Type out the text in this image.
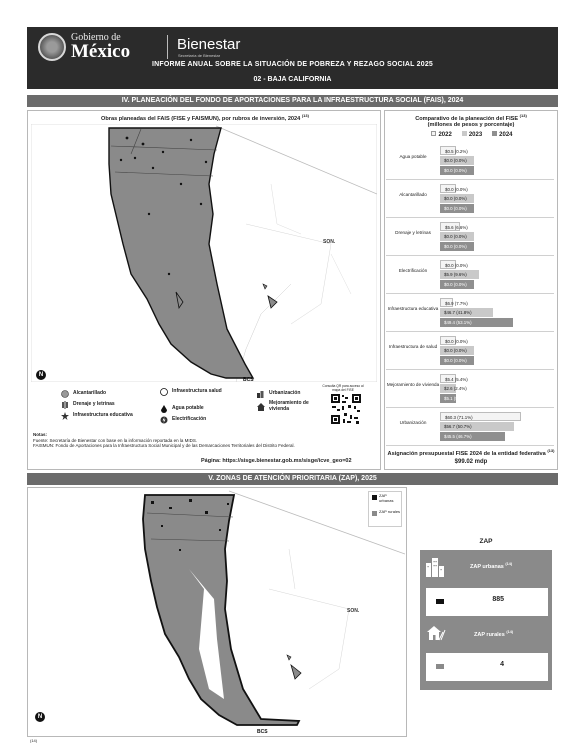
Gobierno de
México	Bienestar
Secretaría de Bienestar
INFORME ANUAL SOBRE LA SITUACIÓN DE POBREZA Y REZAGO SOCIAL 2025
02 - BAJA CALIFORNIA
IV. PLANEACIÓN DEL FONDO DE APORTACIONES PARA LA INFRAESTRUCTURA SOCIAL (FAIS), 2024
Obras planeadas del FAIS (FISE y FAISMUN), por rubros de inversión, 2024 $^{(13)}$
SON.
BCS
N
Alcantarillado
Drenaje y letrinas
Infraestructura educativa
Infraestructura salud
Agua potable
Electrificación
Urbanización
Mejoramiento de vivienda
Consulta QR para acceso al mapa del FISE
Notas:
Fuente: Secretaría de Bienestar con base en la información reportada en la MIDS.
FAISMUN: Fondo de Aportaciones para la Infraestructura Social Municipal y de las Demarcaciones Territoriales del Distrito Federal.
Página: https://sisge.bienestar.gob.mx/sisge/icve_geo=02
Comparativo de la planeación del FISE $^{(13)}$
(millones de pesos y porcentaje)
2022	2023	2024
Agua potable
$0.5 (0.2%)
$0.0 (0.0%)
$0.0 (0.0%)
Alcantarillado
$0.0 (0.0%)
$0.0 (0.0%)
$0.0 (0.0%)
Drenaje y letrinas
$5.6 (6.6%)
$0.0 (0.0%)
$0.0 (0.0%)
Electrificación
$0.0 (0.0%)
$5.9 (9.6%)
$0.0 (0.0%)
Infraestructura educativa
$6.9 (7.7%)
$46.7 (41.8%)
$49.4 (53.1%)
Infraestructura de salud
$0.0 (0.0%)
$0.0 (0.0%)
$0.0 (0.0%)
Mejoramiento de vivienda
$5.4 (5.4%)
$2.6 (2.4%)
$5.1 (5.2%)
Urbanización
$60.3 (71.1%)
$56.7 (50.7%)
$45.5 (46.7%)
Asignación presupuestal FISE 2024 de la entidad federativa $^{(13)}$
$99.02 mdp
V. ZONAS DE ATENCIÓN PRIORITARIA (ZAP), 2025
SON.
BCS
N
ZAP urbanas
ZAP rurales
(14)
ZAP
ZAP urbanas $^{(14)}$
885
ZAP rurales $^{(14)}$
4
